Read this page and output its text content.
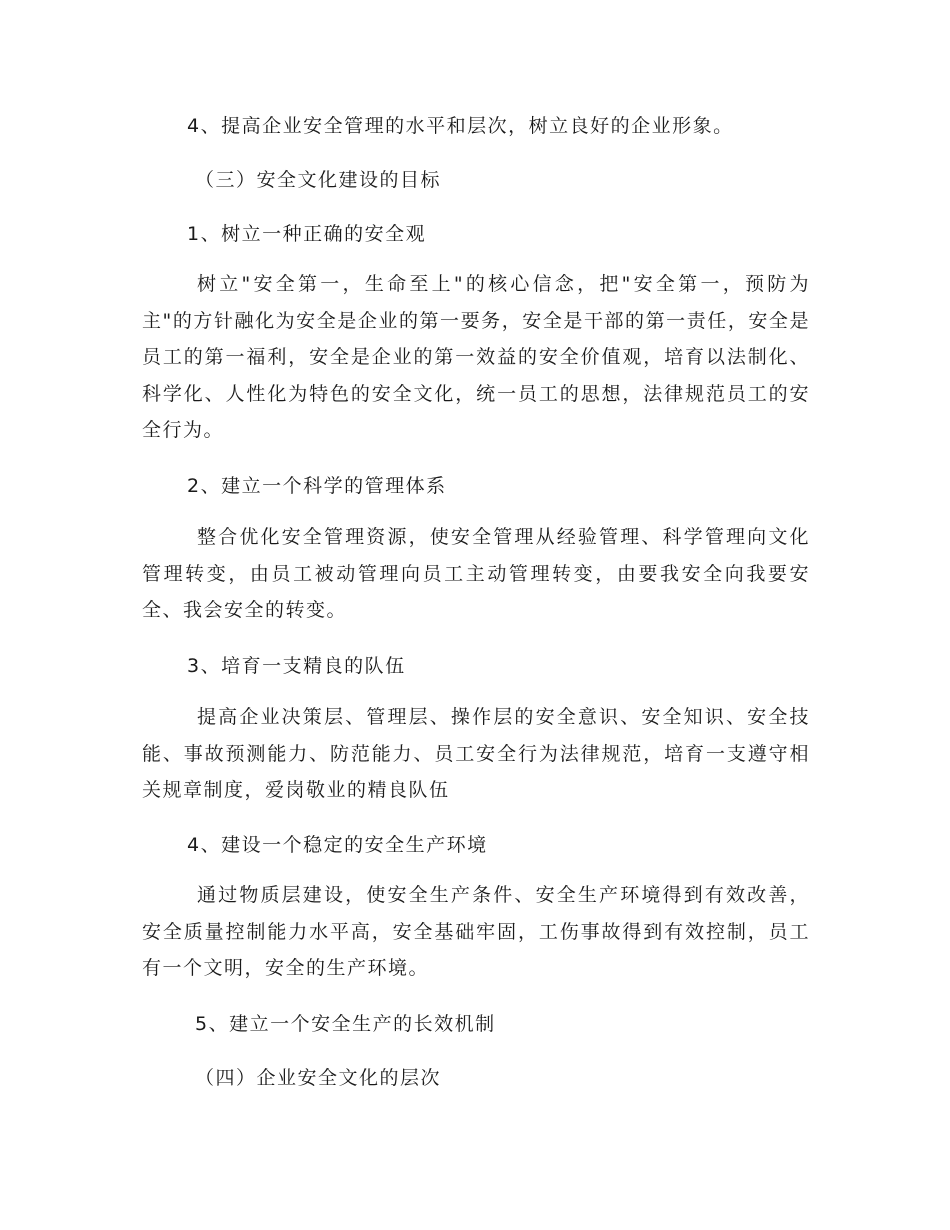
4、提高企业安全管理的水平和层次，树立良好的企业形象。
（三）安全文化建设的目标
1、树立一种正确的安全观
树立"安全第一，生命至上"的核心信念，把"安全第一，预防为主"的方针融化为安全是企业的第一要务，安全是干部的第一责任，安全是员工的第一福利，安全是企业的第一效益的安全价值观，培育以法制化、科学化、人性化为特色的安全文化，统一员工的思想，法律规范员工的安全行为。
2、建立一个科学的管理体系
整合优化安全管理资源，使安全管理从经验管理、科学管理向文化管理转变，由员工被动管理向员工主动管理转变，由要我安全向我要安全、我会安全的转变。
3、培育一支精良的队伍
提高企业决策层、管理层、操作层的安全意识、安全知识、安全技能、事故预测能力、防范能力、员工安全行为法律规范，培育一支遵守相关规章制度，爱岗敬业的精良队伍
4、建设一个稳定的安全生产环境
通过物质层建设，使安全生产条件、安全生产环境得到有效改善，安全质量控制能力水平高，安全基础牢固，工伤事故得到有效控制，员工有一个文明，安全的生产环境。
5、建立一个安全生产的长效机制
（四）企业安全文化的层次
